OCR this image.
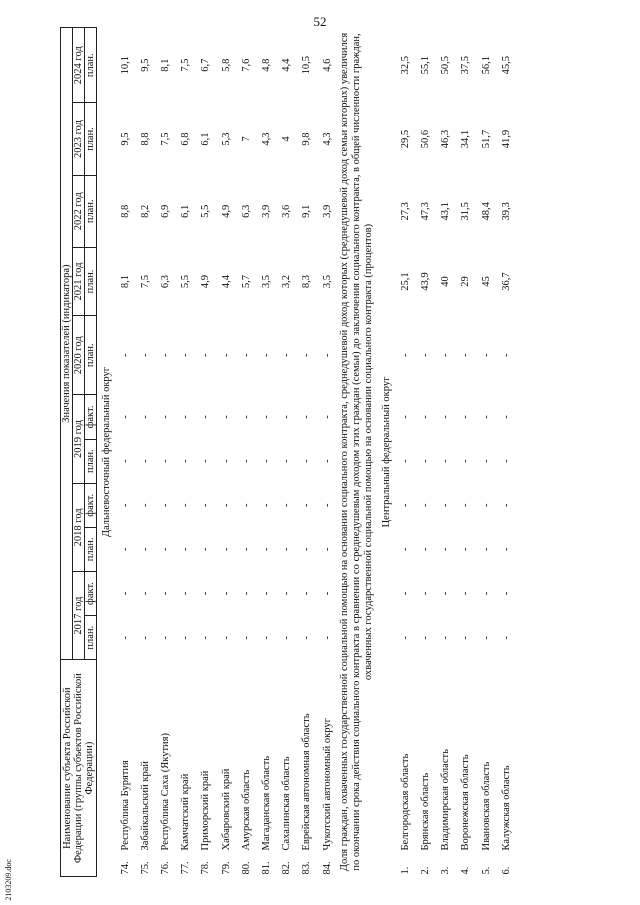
52
2103209.doc
Наименование субъекта Российской Федерации (группы субъектов Российской Федерации)	Значения показателей (индикатора)										
	2017 год		2018 год		2019 год		2020 год	2021 год	2022 год	2023 год	2024 год
	план.	факт.	план.	факт.	план.	факт.	план.	план.	план.	план.	план.
Дальневосточный федеральный округ											
74.Республика Бурятия	-	-	-	-	-	-	-	8,1	8,8	9,5	10,1
75.Забайкальский край	-	-	-	-	-	-	-	7,5	8,2	8,8	9,5
76.Республика Саха (Якутия)	-	-	-	-	-	-	-	6,3	6,9	7,5	8,1
77.Камчатский край	-	-	-	-	-	-	-	5,5	6,1	6,8	7,5
78.Приморский край	-	-	-	-	-	-	-	4,9	5,5	6,1	6,7
79.Хабаровский край	-	-	-	-	-	-	-	4,4	4,9	5,3	5,8
80.Амурская область	-	-	-	-	-	-	-	5,7	6,3	7	7,6
81.Магаданская область	-	-	-	-	-	-	-	3,5	3,9	4,3	4,8
82.Сахалинская область	-	-	-	-	-	-	-	3,2	3,6	4	4,4
83.Еврейская автономная область	-	-	-	-	-	-	-	8,3	9,1	9,8	10,5
84.Чукотский автономный округ	-	-	-	-	-	-	-	3,5	3,9	4,3	4,6
Доля граждан, охваченных государственной социальной помощью на основании социального контракта, среднедушевой доход которых (среднедушевой доход семьи которых) увеличился по окончании срока действия социального контракта в сравнении со среднедушевым доходом этих граждан (семьи) до заключения социального контракта, в общей численности граждан, охваченных государственной социальной помощью на основании социального контракта (процентов)											
Центральный федеральный округ											
1.Белгородская область	-	-	-	-	-	-	-	25,1	27,3	29,5	32,5
2.Брянская область	-	-	-	-	-	-	-	43,9	47,3	50,6	55,1
3.Владимирская область	-	-	-	-	-	-	-	40	43,1	46,3	50,5
4.Воронежская область	-	-	-	-	-	-	-	29	31,5	34,1	37,5
5.Ивановская область	-	-	-	-	-	-	-	45	48,4	51,7	56,1
6.Калужская область	-	-	-	-	-	-	-	36,7	39,3	41,9	45,5
